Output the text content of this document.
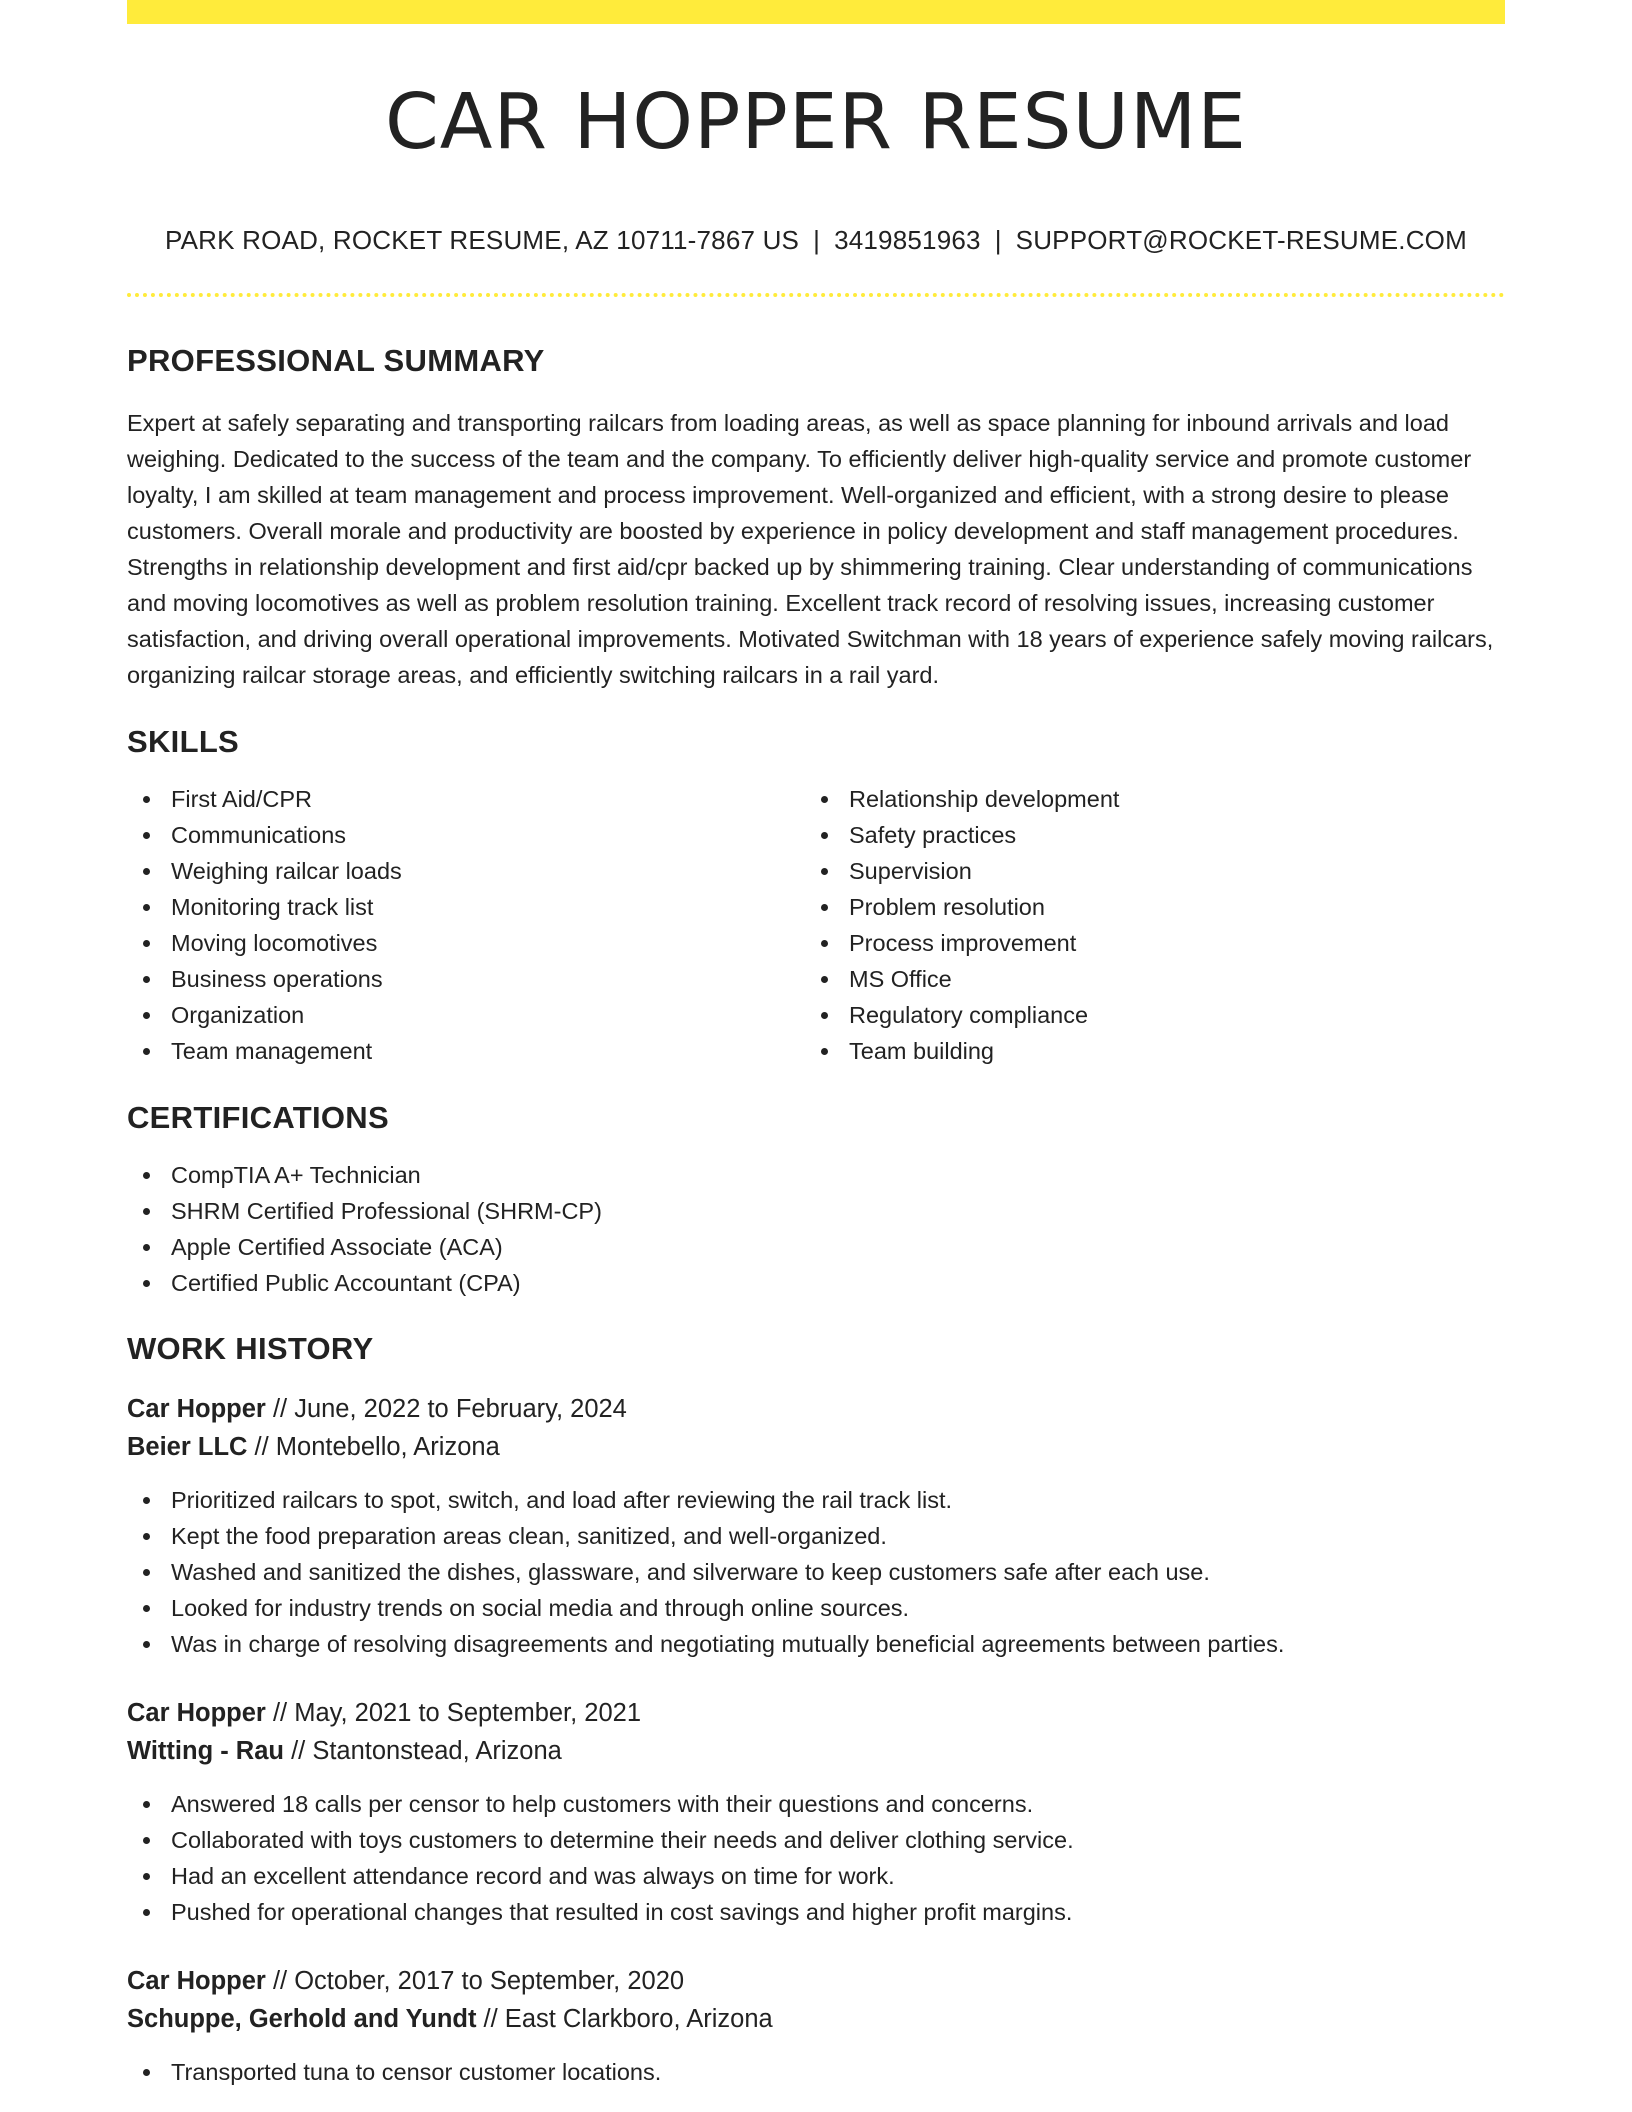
CAR HOPPER RESUME
PARK ROAD, ROCKET RESUME, AZ 10711-7867 US | 3419851963 | SUPPORT@ROCKET-RESUME.COM
PROFESSIONAL SUMMARY

Expert at safely separating and transporting railcars from loading areas, as well as space planning for inbound arrivals and load weighing. Dedicated to the success of the team and the company. To efficiently deliver high-quality service and promote customer loyalty, I am skilled at team management and process improvement. Well-organized and efficient, with a strong desire to please customers. Overall morale and productivity are boosted by experience in policy development and staff management procedures. Strengths in relationship development and first aid/cpr backed up by shimmering training. Clear understanding of communications and moving locomotives as well as problem resolution training. Excellent track record of resolving issues, increasing customer satisfaction, and driving overall operational improvements. Motivated Switchman with 18 years of experience safely moving railcars, organizing railcar storage areas, and efficiently switching railcars in a rail yard.

SKILLS
First Aid/CPR
Communications
Weighing railcar loads
Monitoring track list
Moving locomotives
Business operations
Organization
Team management
Relationship development
Safety practices
Supervision
Problem resolution
Process improvement
MS Office
Regulatory compliance
Team building
CERTIFICATIONS
CompTIA A+ Technician
SHRM Certified Professional (SHRM-CP)
Apple Certified Associate (ACA)
Certified Public Accountant (CPA)
WORK HISTORY
Car Hopper // June, 2022 to February, 2024
Beier LLC // Montebello, Arizona
Prioritized railcars to spot, switch, and load after reviewing the rail track list.
Kept the food preparation areas clean, sanitized, and well-organized.
Washed and sanitized the dishes, glassware, and silverware to keep customers safe after each use.
Looked for industry trends on social media and through online sources.
Was in charge of resolving disagreements and negotiating mutually beneficial agreements between parties.
Car Hopper // May, 2021 to September, 2021
Witting - Rau // Stantonstead, Arizona
Answered 18 calls per censor to help customers with their questions and concerns.
Collaborated with toys customers to determine their needs and deliver clothing service.
Had an excellent attendance record and was always on time for work.
Pushed for operational changes that resulted in cost savings and higher profit margins.
Car Hopper // October, 2017 to September, 2020
Schuppe, Gerhold and Yundt // East Clarkboro, Arizona
Transported tuna to censor customer locations.
